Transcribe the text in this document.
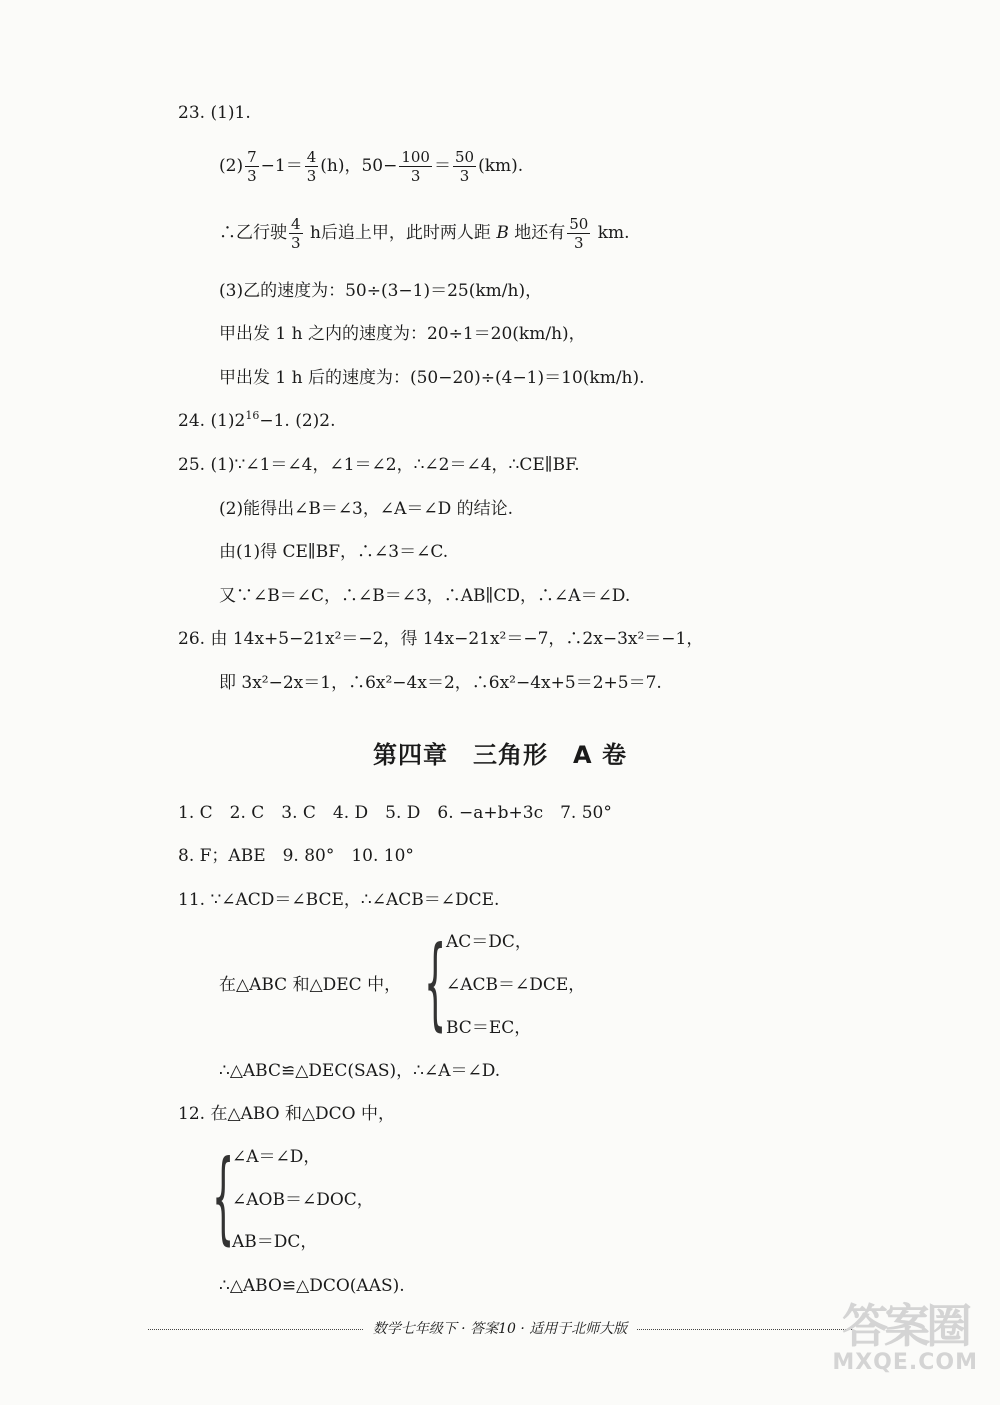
23. (1)1.
$(2) \frac{7}{3} -1= \frac{4}{3} (h)$，$50- \frac{100}{3} = \frac{50}{3} (km)$.
∴乙行驶 $\frac{4}{3}$ h后追上甲，此时两人距 B 地还有 $\frac{50}{3}$ km.
(3)乙的速度为：50÷(3−1)＝25(km/h)，
甲出发 1 h 之内的速度为：20÷1＝20(km/h)，
甲出发 1 h 后的速度为：(50−20)÷(4−1)＝10(km/h).
24. $(1)2^{16}-1$. (2)2.
25. (1)∵∠1＝∠4，∠1＝∠2，∴∠2＝∠4，∴CE∥BF.
(2)能得出∠B＝∠3，∠A＝∠D 的结论.
由(1)得 CE∥BF，∴∠3＝∠C.
又∵∠B＝∠C，∴∠B＝∠3，∴AB∥CD，∴∠A＝∠D.
26. 由 14x+5−21x²＝−2，得 14x−21x²＝−7，∴2x−3x²＝−1，
即 3x²−2x＝1，∴6x²−4x＝2，∴6x²−4x+5＝2+5＝7.
第四章　三角形　A 卷
1. C　2. C　3. C　4. D　5. D　6. −a+b+3c　7. 50°
8. F；ABE　9. 80°　10. 10°
11. ∵∠ACD＝∠BCE，∴∠ACB＝∠DCE.
在△ABC 和△DEC 中， { AC＝DC，
∠ACB＝∠DCE，
BC＝EC，
∴△ABC≌△DEC(SAS)，∴∠A＝∠D.
12. 在△ABO 和△DCO 中，
{
∠A＝∠D，
∠AOB＝∠DOC，
AB＝DC，
∴△ABO≌△DCO(AAS).
数学七年级下 · 答案10 · 适用于北师大版	答案圈
MXQE.COM
